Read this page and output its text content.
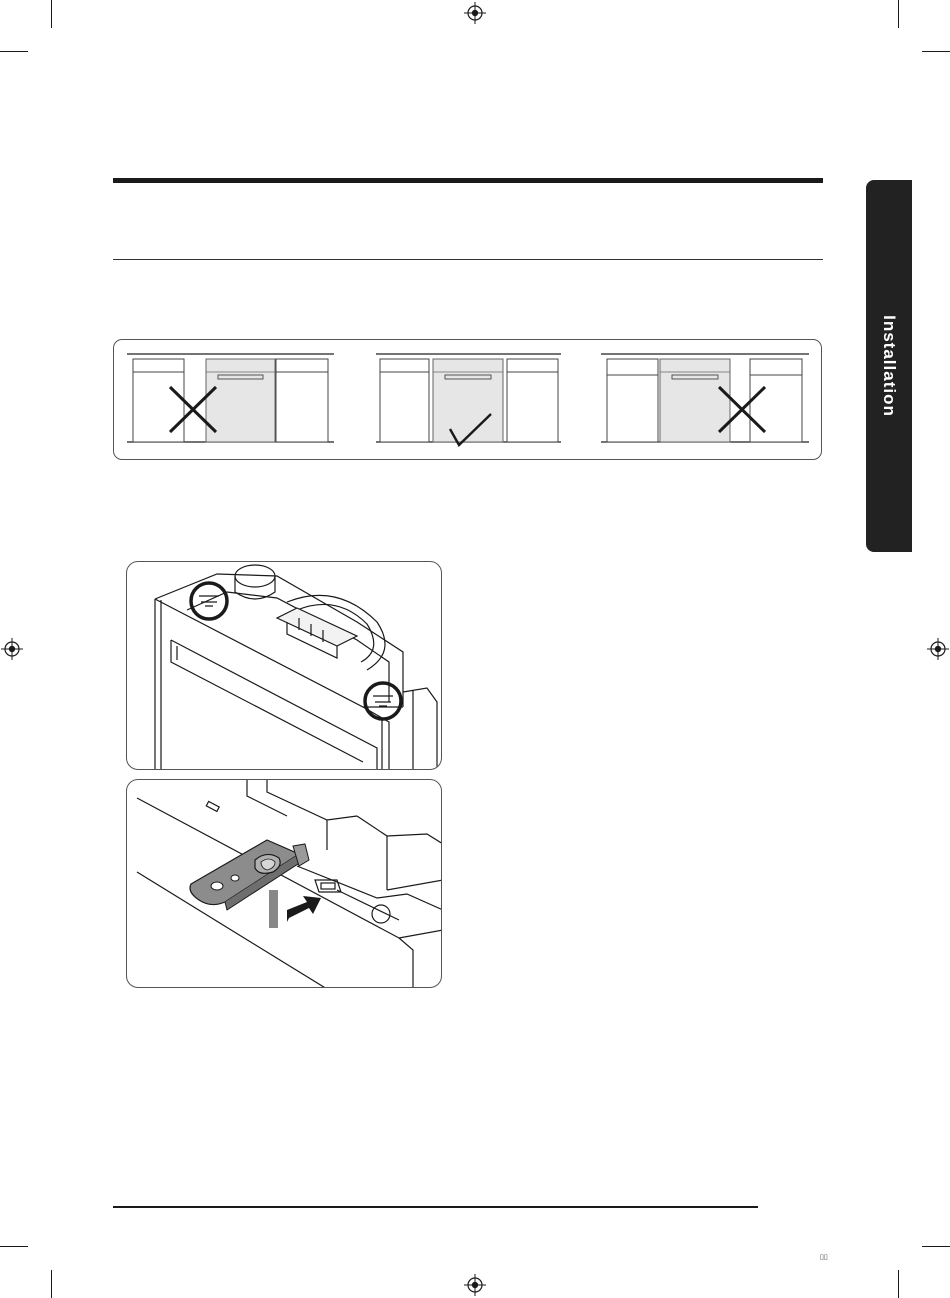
Installation
▯▯
